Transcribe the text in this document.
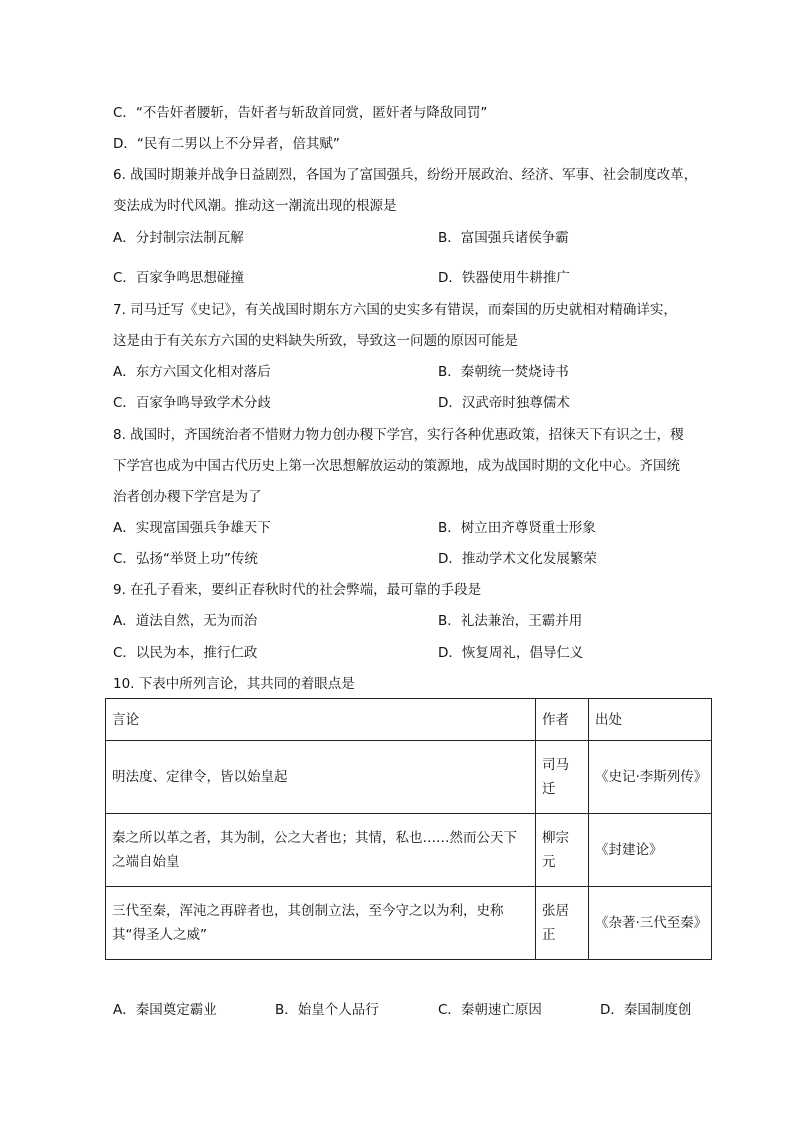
C．“不告奸者腰斩，告奸者与斩敌首同赏，匿奸者与降敌同罚”
D．“民有二男以上不分异者，倍其赋”
6. 战国时期兼并战争日益剧烈，各国为了富国强兵，纷纷开展政治、经济、军事、社会制度改革，
变法成为时代风潮。推动这一潮流出现的根源是
A．分封制宗法制瓦解	B．富国强兵诸侯争霸
C．百家争鸣思想碰撞	D．铁器使用牛耕推广
7. 司马迁写《史记》，有关战国时期东方六国的史实多有错误，而秦国的历史就相对精确详实，
这是由于有关东方六国的史料缺失所致，导致这一问题的原因可能是
A．东方六国文化相对落后	B．秦朝统一焚烧诗书
C．百家争鸣导致学术分歧	D．汉武帝时独尊儒术
8. 战国时，齐国统治者不惜财力物力创办稷下学宫，实行各种优惠政策，招徕天下有识之士，稷
下学宫也成为中国古代历史上第一次思想解放运动的策源地，成为战国时期的文化中心。齐国统
治者创办稷下学宫是为了
A．实现富国强兵争雄天下	B．树立田齐尊贤重士形象
C．弘扬“举贤上功”传统	D．推动学术文化发展繁荣
9. 在孔子看来，要纠正春秋时代的社会弊端，最可靠的手段是
A．道法自然，无为而治	B．礼法兼治，王霸并用
C．以民为本，推行仁政	D．恢复周礼，倡导仁义
10. 下表中所列言论，其共同的着眼点是
言论	作者	出处
明法度、定律令，皆以始皇起	司马迁	《史记·李斯列传》
秦之所以革之者，其为制，公之大者也；其情，私也……然而公天下之端自始皇	柳宗元	《封建论》
三代至秦，浑沌之再辟者也，其创制立法，至今守之以为利，史称其“得圣人之威”	张居正	《杂著·三代至秦》
A．秦国奠定霸业	B．始皇个人品行	C．秦朝速亡原因	D．秦国制度创
